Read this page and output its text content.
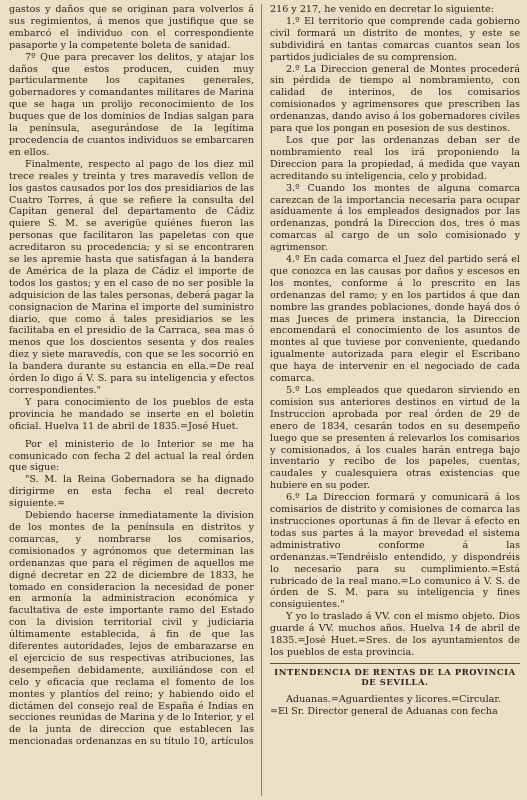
gastos y daños que se originan para volverlos á sus regimientos, á menos que justifique que se embarcó el individuo con el correspondiente pasaporte y la competente boleta de sanidad.

7º Que para precaver los delitos, y atajar los daños que estos producen, cuiden muy particularmente los capitanes generales, gobernadores y comandantes militares de Marina que se haga un prolijo reconocimiento de los buques que de los dominios de Indias salgan para la península, asegurándose de la legítima procedencia de cuantos individuos se embarcaren en ellos.

Finalmente, respecto al pago de los diez mil trece reales y treinta y tres maravedís vellon de los gastos causados por los dos presidiarios de las Cuatro Torres, á que se refiere la consulta del Capitan general del departamento de Cádiz quiere S. M. se averigüe quiénes fueron las personas que facilitaron las papeletas con que acreditaron su procedencia; y si se encontraren se les apremie hasta que satisfagan á la bandera de América de la plaza de Cádiz el importe de todos los gastos; y en el caso de no ser posible la adquisicion de las tales personas, deberá pagar la consignacion de Marina el importe del suministro diario, que como á tales presidiarios se les facilitaba en el presidio de la Carraca, sea mas ó menos que los doscientos sesenta y dos reales diez y siete maravedís, con que se les socorrió en la bandera durante su estancia en ella.=De real órden lo digo á V. S. para su inteligencia y efectos correspondientes."

Y para conocimiento de los pueblos de esta provincia he mandado se inserte en el boletin oficial. Huelva 11 de abril de 1835.=José Huet.

Por el ministerio de lo Interior se me ha comunicado con fecha 2 del actual la real órden que sigue:

"S. M. la Reina Gobernadora se ha dignado dirigirme en esta fecha el real decreto siguiente.=

Debiendo hacerse inmediatamente la division de los montes de la península en distritos y comarcas, y nombrarse los comisarios, comisionados y agrónomos que determinan las ordenanzas que para el régimen de aquellos me digné decretar en 22 de diciembre de 1833, he tomado en consideracion la necesidad de poner en armonía la administracion económica y facultativa de este importante ramo del Estado con la division territorial civil y judiciaria últimamente establecida, á fin de que las diferentes autoridades, lejos de embarazarse en el ejercicio de sus respectivas atribuciones, las desempeñen debidamente, auxiliándose con el celo y eficacia que reclama el fomento de los montes y plantíos del reino; y habiendo oido el dictámen del consejo real de España é Indias en secciones reunidas de Marina y de lo Interior, y el de la junta de direccion que establecen las mencionadas ordenanzas en su título 10, artículos

216 y 217, he venido en decretar lo siguiente:

1.º El territorio que comprende cada gobierno civil formará un distrito de montes, y este se subdividirá en tantas comarcas cuantos sean los partidos judiciales de su comprension.

2.º La Direccion general de Montes procederá sin pérdida de tiempo al nombramiento, con calidad de interinos, de los comisarios comisionados y agrimensores que prescriben las ordenanzas, dando aviso á los gobernadores civiles para que los pongan en posesion de sus destinos.

Los que por las ordenanzas deban ser de nombramiento real los irá proponiendo la Direccion para la propiedad, á medida que vayan acreditando su inteligencia, celo y probidad.

3.º Cuando los montes de alguna comarca carezcan de la importancia necesaria para ocupar asíduamente á los empleados designados por las ordenanzas, pondrá la Direccion dos, tres ó mas comarcas al cargo de un solo comisionado y agrimensor.

4.º En cada comarca el Juez del partido será el que conozca en las causas por daños y escesos en los montes, conforme á lo prescrito en las ordenanzas del ramo; y en los partidos á que dan nombre las grandes poblaciones, donde hayá dos ó mas Jueces de primera instancia, la Direccion encomendará el conocimiento de los asuntos de montes al que tuviese por conveniente, quedando igualmente autorizada para elegir el Escribano que haya de intervenir en el negociado de cada comarca.

5.º Los empleados que quedaron sirviendo en comision sus anteriores destinos en virtud de la Instruccion aprobada por real órden de 29 de enero de 1834, cesarán todos en su desempeño luego que se presenten á relevarlos los comisarios y comisionados, á los cuales harán entrega bajo inventario y recibo de los papeles, cuentas, caudales y cualesquiera otras existencias que hubiere en su poder.

6.º La Direccion formará y comunicará á los comisarios de distrito y comisiones de comarca las instrucciones oportunas á fin de llevar á efecto en todas sus partes á la mayor brevedad el sistema administrativo conforme á las ordenanzas.=Tendréislo entendido, y dispondréis lo necesario para su cumplimiento.=Está rubricado de la real mano.=Lo comunico á V. S. de órden de S. M. para su inteligencia y fines consiguientes."

Y yo lo traslado á VV. con el mismo objeto. Dios guarde á VV. muchos años. Huelva 14 de abril de 1835.=José Huet.=Sres. de los ayuntamientos de los pueblos de esta provincia.

INTENDENCIA DE RENTAS DE LA PROVINCIA DE SEVILLA.

Aduanas.=Aguardientes y licores.=Circular.

=El Sr. Director general de Aduanas con fecha
